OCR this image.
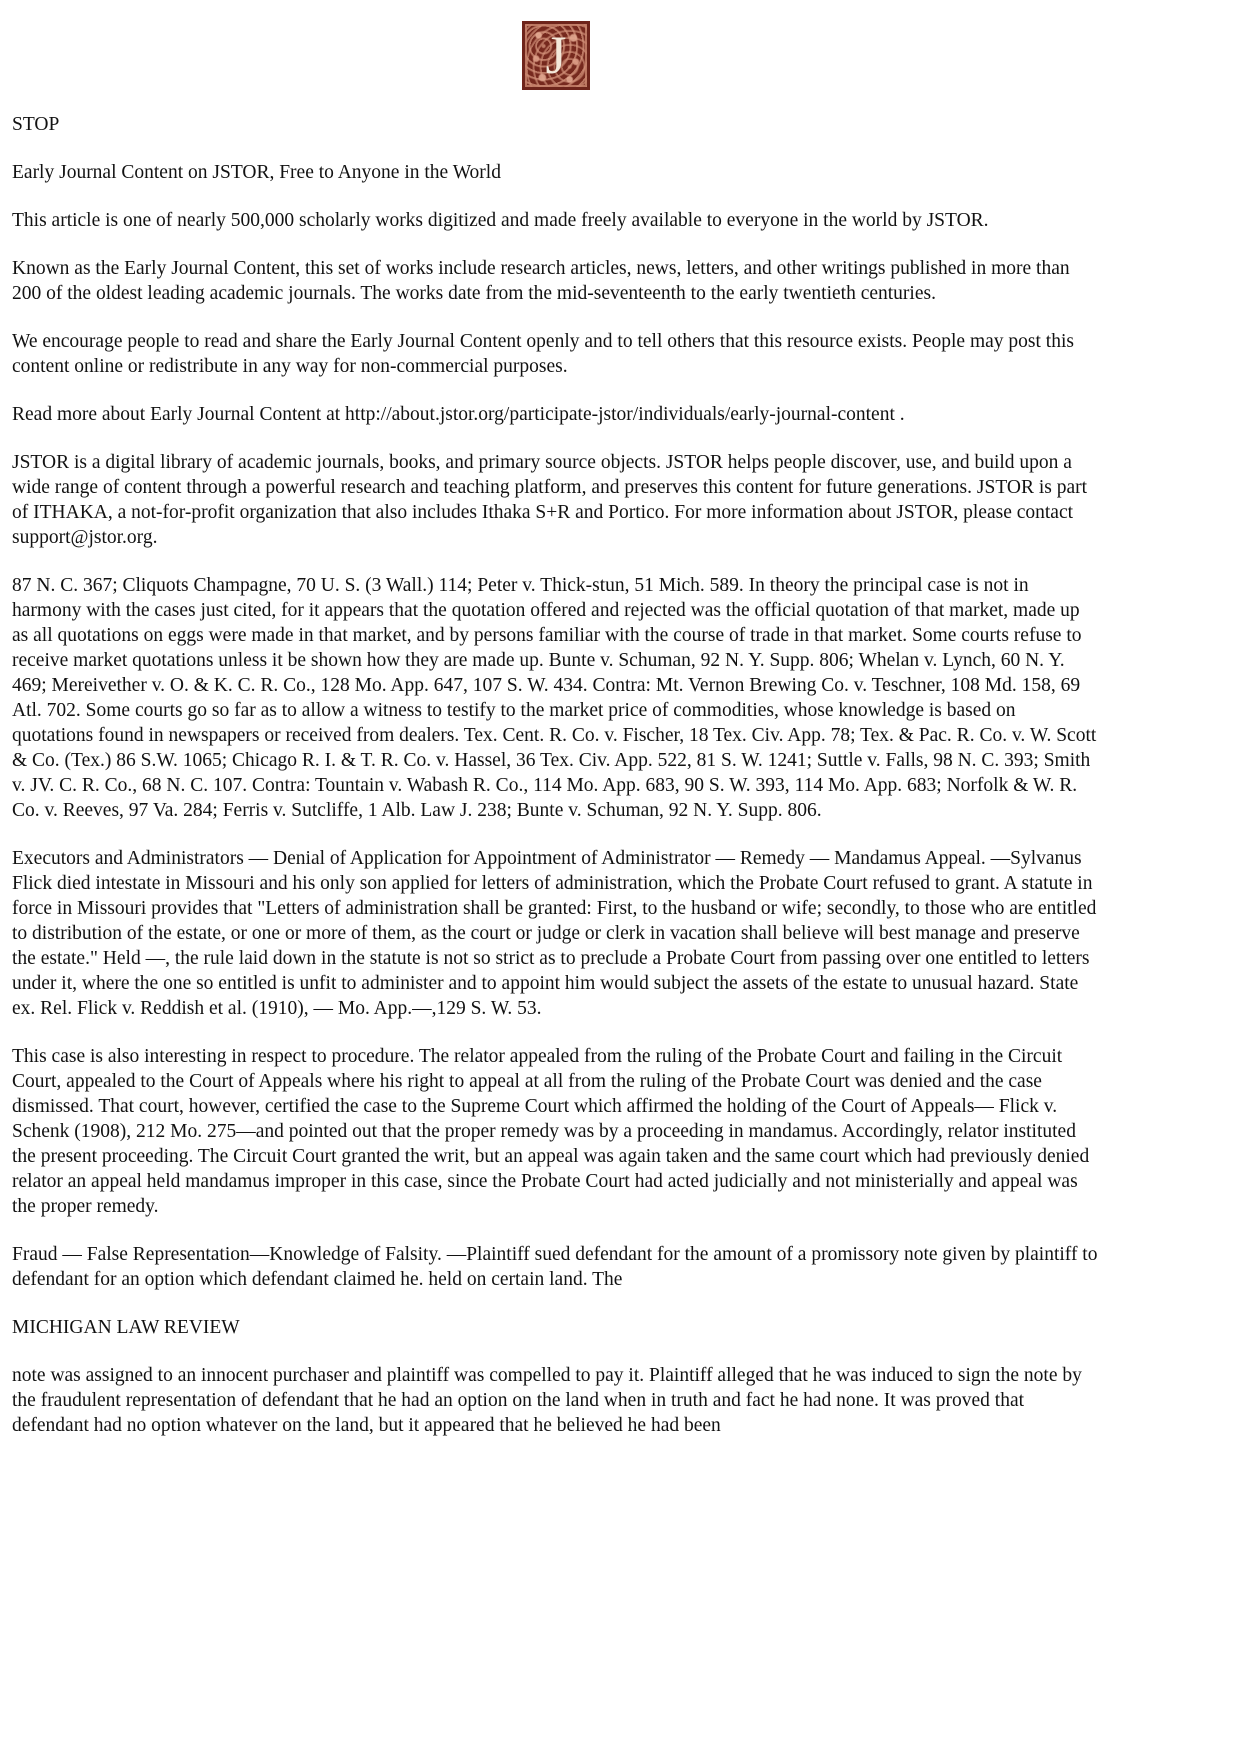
J

STOP

Early Journal Content on JSTOR, Free to Anyone in the World

This article is one of nearly 500,000 scholarly works digitized and made freely available to everyone in the world by JSTOR.

Known as the Early Journal Content, this set of works include research articles, news, letters, and other writings published in more than 200 of the oldest leading academic journals. The works date from the mid-seventeenth to the early twentieth centuries.

We encourage people to read and share the Early Journal Content openly and to tell others that this resource exists. People may post this content online or redistribute in any way for non-commercial purposes.

Read more about Early Journal Content at http://about.jstor.org/participate-jstor/individuals/early-journal-content .

JSTOR is a digital library of academic journals, books, and primary source objects. JSTOR helps people discover, use, and build upon a wide range of content through a powerful research and teaching platform, and preserves this content for future generations. JSTOR is part of ITHAKA, a not-for-profit organization that also includes Ithaka S+R and Portico. For more information about JSTOR, please contact support@jstor.org.

87 N. C. 367; Cliquots Champagne, 70 U. S. (3 Wall.) 114; Peter v. Thick-stun, 51 Mich. 589. In theory the principal case is not in harmony with the cases just cited, for it appears that the quotation offered and rejected was the official quotation of that market, made up as all quotations on eggs were made in that market, and by persons familiar with the course of trade in that market. Some courts refuse to receive market quotations unless it be shown how they are made up. Bunte v. Schuman, 92 N. Y. Supp. 806; Whelan v. Lynch, 60 N. Y. 469; Mereivether v. O. & K. C. R. Co., 128 Mo. App. 647, 107 S. W. 434. Contra: Mt. Vernon Brewing Co. v. Teschner, 108 Md. 158, 69 Atl. 702. Some courts go so far as to allow a witness to testify to the market price of commodities, whose knowledge is based on quotations found in newspapers or received from dealers. Tex. Cent. R. Co. v. Fischer, 18 Tex. Civ. App. 78; Tex. & Pac. R. Co. v. W. Scott & Co. (Tex.) 86 S.W. 1065; Chicago R. I. & T. R. Co. v. Hassel, 36 Tex. Civ. App. 522, 81 S. W. 1241; Suttle v. Falls, 98 N. C. 393; Smith v. JV. C. R. Co., 68 N. C. 107. Contra: Tountain v. Wabash R. Co., 114 Mo. App. 683, 90 S. W. 393, 114 Mo. App. 683; Norfolk & W. R. Co. v. Reeves, 97 Va. 284; Ferris v. Sutcliffe, 1 Alb. Law J. 238; Bunte v. Schuman, 92 N. Y. Supp. 806.

Executors and Administrators — Denial of Application for Appointment of Administrator — Remedy — Mandamus Appeal. —Sylvanus Flick died intestate in Missouri and his only son applied for letters of administration, which the Probate Court refused to grant. A statute in force in Missouri provides that "Letters of administration shall be granted: First, to the husband or wife; secondly, to those who are entitled to distribution of the estate, or one or more of them, as the court or judge or clerk in vacation shall believe will best manage and preserve the estate." Held —, the rule laid down in the statute is not so strict as to preclude a Probate Court from passing over one entitled to letters under it, where the one so entitled is unfit to administer and to appoint him would subject the assets of the estate to unusual hazard. State ex. Rel. Flick v. Reddish et al. (1910), — Mo. App.—,129 S. W. 53.

This case is also interesting in respect to procedure. The relator appealed from the ruling of the Probate Court and failing in the Circuit Court, appealed to the Court of Appeals where his right to appeal at all from the ruling of the Probate Court was denied and the case dismissed. That court, however, certified the case to the Supreme Court which affirmed the holding of the Court of Appeals— Flick v. Schenk (1908), 212 Mo. 275—and pointed out that the proper remedy was by a proceeding in mandamus. Accordingly, relator instituted the present proceeding. The Circuit Court granted the writ, but an appeal was again taken and the same court which had previously denied relator an appeal held mandamus improper in this case, since the Probate Court had acted judicially and not ministerially and appeal was the proper remedy.

Fraud — False Representation—Knowledge of Falsity. —Plaintiff sued defendant for the amount of a promissory note given by plaintiff to defendant for an option which defendant claimed he. held on certain land. The

MICHIGAN LAW REVIEW

note was assigned to an innocent purchaser and plaintiff was compelled to pay it. Plaintiff alleged that he was induced to sign the note by the fraudulent representation of defendant that he had an option on the land when in truth and fact he had none. It was proved that defendant had no option whatever on the land, but it appeared that he believed he had been
